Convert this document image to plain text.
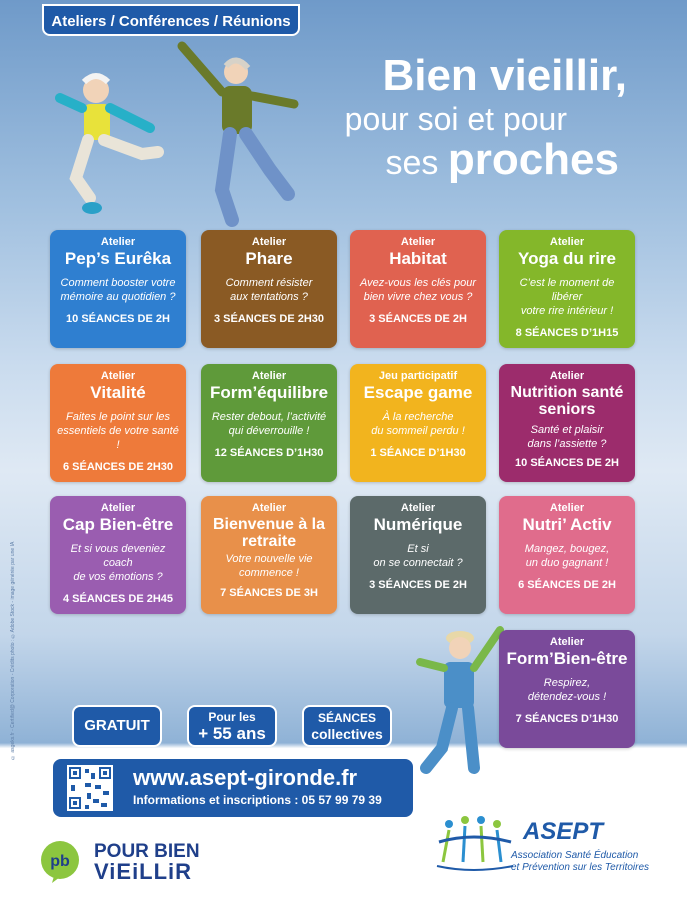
Ateliers / Conférences / Réunions
Bien vieillir,
pour soi et pour
ses proches
Atelier
Pep’s Eurêka
Comment booster votre
mémoire au quotidien ?
10 SÉANCES DE 2H
Atelier
Phare
Comment résister
aux tentations ?
3 SÉANCES DE 2H30
Atelier
Habitat
Avez-vous les clés pour
bien vivre chez vous ?
3 SÉANCES DE 2H
Atelier
Yoga du rire
C’est le moment de libérer
votre rire intérieur !
8 SÉANCES D’1H15
Atelier
Vitalité
Faites le point sur les
essentiels de votre santé !
6 SÉANCES DE 2H30
Atelier
Form’équilibre
Rester debout, l’activité
qui déverrouille !
12 SÉANCES D’1H30
Jeu participatif
Escape game
À la recherche
du sommeil perdu !
1 SÉANCE D’1H30
Atelier
Nutrition santé seniors
Santé et plaisir
dans l’assiette ?
10 SÉANCES DE 2H
Atelier
Cap Bien-être
Et si vous deveniez coach
de vos émotions ?
4 SÉANCES DE 2H45
Atelier
Bienvenue à la retraite
Votre nouvelle vie
commence !
7 SÉANCES DE 3H
Atelier
Numérique
Et si
on se connectait ?
3 SÉANCES DE 2H
Atelier
Nutri’ Activ
Mangez, bougez,
un duo gagnant !
6 SÉANCES DE 2H
Atelier
Form’Bien-être
Respirez,
détendez-vous !
7 SÉANCES D’1H30
GRATUIT	Pour les
+ 55 ans
SÉANCES
collectives
www.asept-gironde.fr
Informations et inscriptions : 05 57 99 79 39
pb POUR BIEN
ViEiLLiR
ASEPT
Association Santé Éducation
et Prévention sur les Territoires
© asgeks.fr - Certified@ Corporation - Crédits photo : ©Adobe Stock - image générée par une IA
